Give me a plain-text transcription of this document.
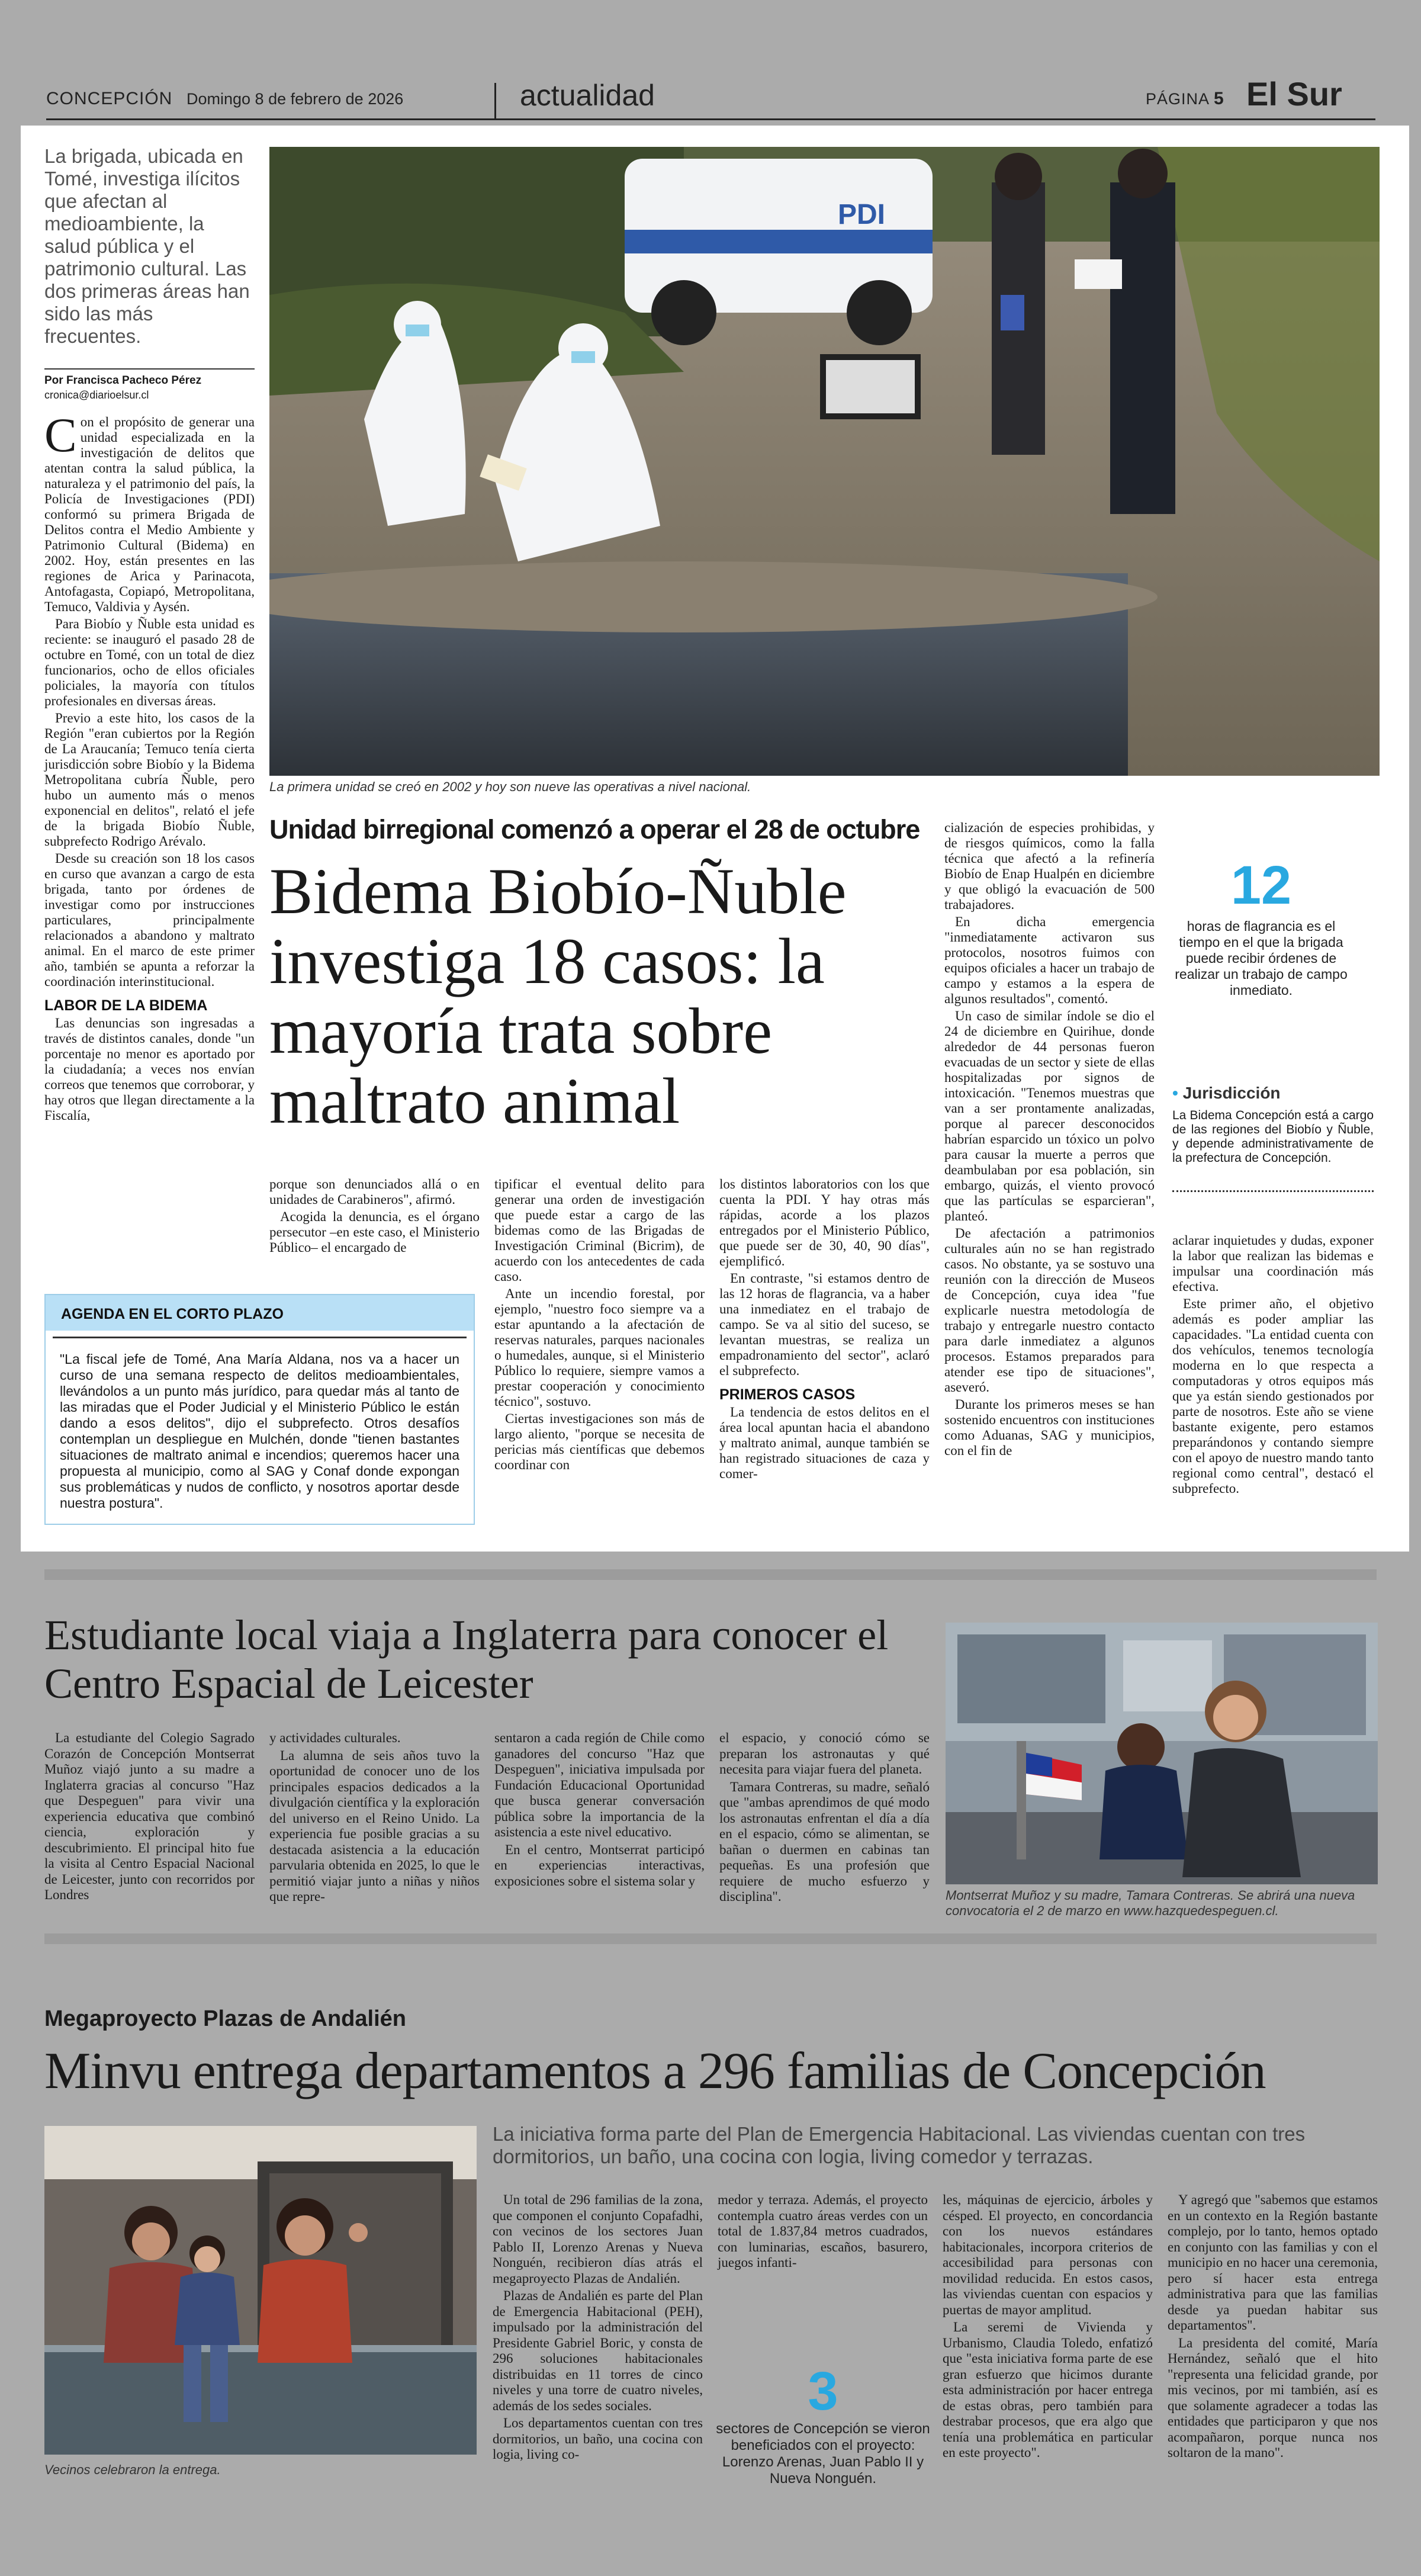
CONCEPCIÓN Domingo 8 de febrero de 2026	actualidad	PÁGINA 5 El Sur
La brigada, ubicada en Tomé, investiga ilícitos que afectan al medioambiente, la salud pública y el patrimonio cultural. Las dos primeras áreas han sido las más frecuentes.
Por Francisca Pacheco Pérez
cronica@diarioelsur.cl

Con el propósito de generar una unidad especializada en la investigación de delitos que atentan contra la salud pública, la naturaleza y el patrimonio del país, la Policía de Investigaciones (PDI) conformó su primera Brigada de Delitos contra el Medio Ambiente y Patrimonio Cultural (Bidema) en 2002. Hoy, están presentes en las regiones de Arica y Parinacota, Antofagasta, Copiapó, Metropolitana, Temuco, Valdivia y Aysén.

Para Biobío y Ñuble esta unidad es reciente: se inauguró el pasado 28 de octubre en Tomé, con un total de diez funcionarios, ocho de ellos oficiales policiales, la mayoría con títulos profesionales en diversas áreas.

Previo a este hito, los casos de la Región "eran cubiertos por la Región de La Araucanía; Temuco tenía cierta jurisdicción sobre Biobío y la Bidema Metropolitana cubría Ñuble, pero hubo un aumento más o menos exponencial en delitos", relató el jefe de la brigada Biobío Ñuble, subprefecto Rodrigo Arévalo.

Desde su creación son 18 los casos en curso que avanzan a cargo de esta brigada, tanto por órdenes de investigar como por instrucciones particulares, principalmente relacionados a abandono y maltrato animal. En el marco de este primer año, también se apunta a reforzar la coordinación interinstitucional.

LABOR DE LA BIDEMA

Las denuncias son ingresadas a través de distintos canales, donde "un porcentaje no menor es aportado por la ciudadanía; a veces nos envían correos que tenemos que corroborar, y hay otros que llegan directamente a la Fiscalía,

PDI
La primera unidad se creó en 2002 y hoy son nueve las operativas a nivel nacional.
Unidad birregional comenzó a operar el 28 de octubre
Bidema Biobío-Ñuble investiga 18 casos: la mayoría trata sobre maltrato animal

porque son denunciados allá o en unidades de Carabineros", afirmó.

Acogida la denuncia, es el órgano persecutor –en este caso, el Ministerio Público– el encargado de

AGENDA EN EL CORTO PLAZO
"La fiscal jefe de Tomé, Ana María Aldana, nos va a hacer un curso de una semana respecto de delitos medioambientales, llevándolos a un punto más jurídico, para quedar más al tanto de las miradas que el Poder Judicial y el Ministerio Público le están dando a esos delitos", dijo el subprefecto. Otros desafíos contemplan un despliegue en Mulchén, donde "tienen bastantes situaciones de maltrato animal e incendios; queremos hacer una propuesta al municipio, como al SAG y Conaf donde expongan sus problemáticas y nudos de conflicto, y nosotros aportar desde nuestra postura".

tipificar el eventual delito para generar una orden de investigación que puede estar a cargo de las bidemas como de las Brigadas de Investigación Criminal (Bicrim), de acuerdo con los antecedentes de cada caso.

Ante un incendio forestal, por ejemplo, "nuestro foco siempre va a estar apuntando a la afectación de reservas naturales, parques nacionales o humedales, aunque, si el Ministerio Público lo requiere, siempre vamos a prestar cooperación y conocimiento técnico", sostuvo.

Ciertas investigaciones son más de largo aliento, "porque se necesita de pericias más científicas que debemos coordinar con

los distintos laboratorios con los que cuenta la PDI. Y hay otras más rápidas, acorde a los plazos entregados por el Ministerio Público, que puede ser de 30, 40, 90 días", ejemplificó.

En contraste, "si estamos dentro de las 12 horas de flagrancia, va a haber una inmediatez en el trabajo de campo. Se va al sitio del suceso, se levantan muestras, se realiza un empadronamiento del sector", aclaró el subprefecto.

PRIMEROS CASOS

La tendencia de estos delitos en el área local apuntan hacia el abandono y maltrato animal, aunque también se han registrado situaciones de caza y comer-

cialización de especies prohibidas, y de riesgos químicos, como la falla técnica que afectó a la refinería Biobío de Enap Hualpén en diciembre y que obligó la evacuación de 500 trabajadores.

En dicha emergencia "inmediatamente activaron sus protocolos, nosotros fuimos con equipos oficiales a hacer un trabajo de campo y estamos a la espera de algunos resultados", comentó.

Un caso de similar índole se dio el 24 de diciembre en Quirihue, donde alrededor de 44 personas fueron evacuadas de un sector y siete de ellas hospitalizadas por signos de intoxicación. "Tenemos muestras que van a ser prontamente analizadas, porque al parecer desconocidos habrían esparcido un tóxico un polvo para causar la muerte a perros que deambulaban por esa población, sin embargo, quizás, el viento provocó que las partículas se esparcieran", planteó.

De afectación a patrimonios culturales aún no se han registrado casos. No obstante, ya se sostuvo una reunión con la dirección de Museos de Concepción, cuya idea "fue explicarle nuestra metodología de trabajo y entregarle nuestro contacto para darle inmediatez a algunos procesos. Estamos preparados para atender ese tipo de situaciones", aseveró.

Durante los primeros meses se han sostenido encuentros con instituciones como Aduanas, SAG y municipios, con el fin de

12
horas de flagrancia es el tiempo en el que la brigada puede recibir órdenes de realizar un trabajo de campo inmediato.
• Jurisdicción
La Bidema Concepción está a cargo de las regiones del Biobío y Ñuble, y depende administrativamente de la prefectura de Concepción.

aclarar inquietudes y dudas, exponer la labor que realizan las bidemas e impulsar una coordinación más efectiva.

Este primer año, el objetivo además es poder ampliar las capacidades. "La entidad cuenta con dos vehículos, tenemos tecnología moderna en lo que respecta a computadoras y otros equipos más que ya están siendo gestionados por parte de nosotros. Este año se viene bastante exigente, pero estamos preparándonos y contando siempre con el apoyo de nuestro mando tanto regional como central", destacó el subprefecto.

Estudiante local viaja a Inglaterra para conocer el Centro Espacial de Leicester

La estudiante del Colegio Sagrado Corazón de Concepción Montserrat Muñoz viajó junto a su madre a Inglaterra gracias al concurso "Haz que Despeguen" para vivir una experiencia educativa que combinó ciencia, exploración y descubrimiento. El principal hito fue la visita al Centro Espacial Nacional de Leicester, junto con recorridos por Londres

y actividades culturales.

La alumna de seis años tuvo la oportunidad de conocer uno de los principales espacios dedicados a la divulgación científica y la exploración del universo en el Reino Unido. La experiencia fue posible gracias a su destacada asistencia a la educación parvularia obtenida en 2025, lo que le permitió viajar junto a niñas y niños que repre-

sentaron a cada región de Chile como ganadores del concurso "Haz que Despeguen", iniciativa impulsada por Fundación Educacional Oportunidad que busca generar conversación pública sobre la importancia de la asistencia a este nivel educativo.

En el centro, Montserrat participó en experiencias interactivas, exposiciones sobre el sistema solar y

el espacio, y conoció cómo se preparan los astronautas y qué necesita para viajar fuera del planeta.

Tamara Contreras, su madre, señaló que "ambas aprendimos de qué modo los astronautas enfrentan el día a día en el espacio, cómo se alimentan, se bañan o duermen en cabinas tan pequeñas. Es una profesión que requiere de mucho esfuerzo y disciplina".	Montserrat Muñoz y su madre, Tamara Contreras. Se abrirá una nueva convocatoria el 2 de marzo en www.hazquedespeguen.cl.
Megaproyecto Plazas de Andalién
Minvu entrega departamentos a 296 familias de Concepción
Vecinos celebraron la entrega.
La iniciativa forma parte del Plan de Emergencia Habitacional. Las viviendas cuentan con tres dormitorios, un baño, una cocina con logia, living comedor y terrazas.

Un total de 296 familias de la zona, que componen el conjunto Copafadhi, con vecinos de los sectores Juan Pablo II, Lorenzo Arenas y Nueva Nonguén, recibieron días atrás el megaproyecto Plazas de Andalién.

Plazas de Andalién es parte del Plan de Emergencia Habitacional (PEH), impulsado por la administración del Presidente Gabriel Boric, y consta de 296 soluciones habitacionales distribuidas en 11 torres de cinco niveles y una torre de cuatro niveles, además de los sedes sociales.

Los departamentos cuentan con tres dormitorios, un baño, una cocina con logia, living co-

medor y terraza. Además, el proyecto contempla cuatro áreas verdes con un total de 1.837,84 metros cuadrados, con luminarias, escaños, basurero, juegos infanti-

3
sectores de Concepción se vieron beneficiados con el proyecto: Lorenzo Arenas, Juan Pablo II y Nueva Nonguén.

les, máquinas de ejercicio, árboles y césped. El proyecto, en concordancia con los nuevos estándares habitacionales, incorpora criterios de accesibilidad para personas con movilidad reducida. En estos casos, las viviendas cuentan con espacios y puertas de mayor amplitud.

La seremi de Vivienda y Urbanismo, Claudia Toledo, enfatizó que "esta iniciativa forma parte de ese gran esfuerzo que hicimos durante esta administración por hacer entrega de estas obras, pero también para destrabar procesos, que era algo que tenía una problemática en particular en este proyecto".

Y agregó que "sabemos que estamos en un contexto en la Región bastante complejo, por lo tanto, hemos optado en conjunto con las familias y con el municipio en no hacer una ceremonia, pero sí hacer esta entrega administrativa para que las familias desde ya puedan habitar sus departamentos".

La presidenta del comité, María Hernández, señaló que el hito "representa una felicidad grande, por mis vecinos, por mi también, así es que solamente agradecer a todas las entidades que participaron y que nos acompañaron, porque nunca nos soltaron de la mano".
